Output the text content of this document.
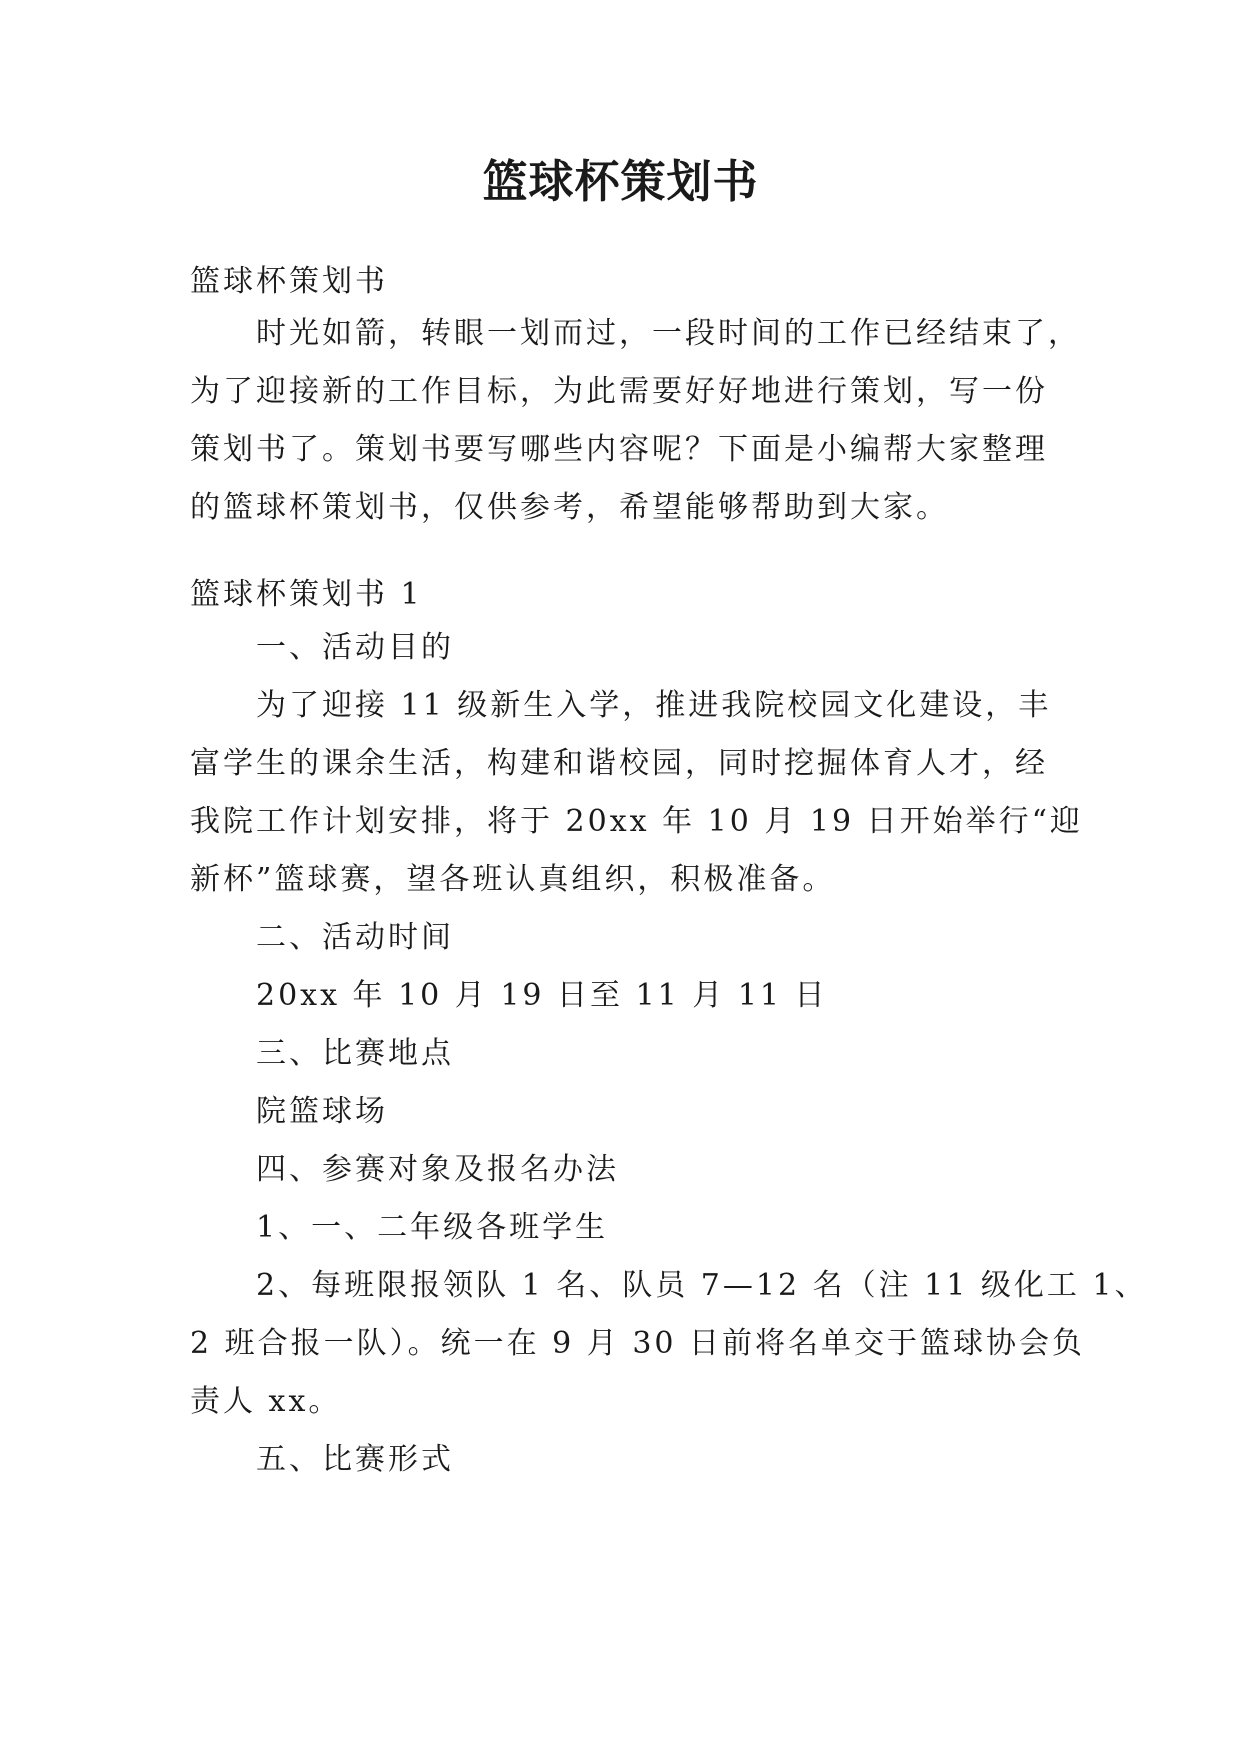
篮球杯策划书
篮球杯策划书
时光如箭，转眼一划而过，一段时间的工作已经结束了，
为了迎接新的工作目标，为此需要好好地进行策划，写一份
策划书了。策划书要写哪些内容呢？下面是小编帮大家整理
的篮球杯策划书，仅供参考，希望能够帮助到大家。
篮球杯策划书 1
一、活动目的
为了迎接 11 级新生入学，推进我院校园文化建设，丰
富学生的课余生活，构建和谐校园，同时挖掘体育人才，经
我院工作计划安排，将于 20xx 年 10 月 19 日开始举行“迎
新杯”篮球赛，望各班认真组织，积极准备。
二、活动时间
20xx 年 10 月 19 日至 11 月 11 日
三、比赛地点
院篮球场
四、参赛对象及报名办法
1、一、二年级各班学生
2、每班限报领队 1 名、队员 7—12 名（注 11 级化工 1、
2 班合报一队）。统一在 9 月 30 日前将名单交于篮球协会负
责人 xx。
五、比赛形式
